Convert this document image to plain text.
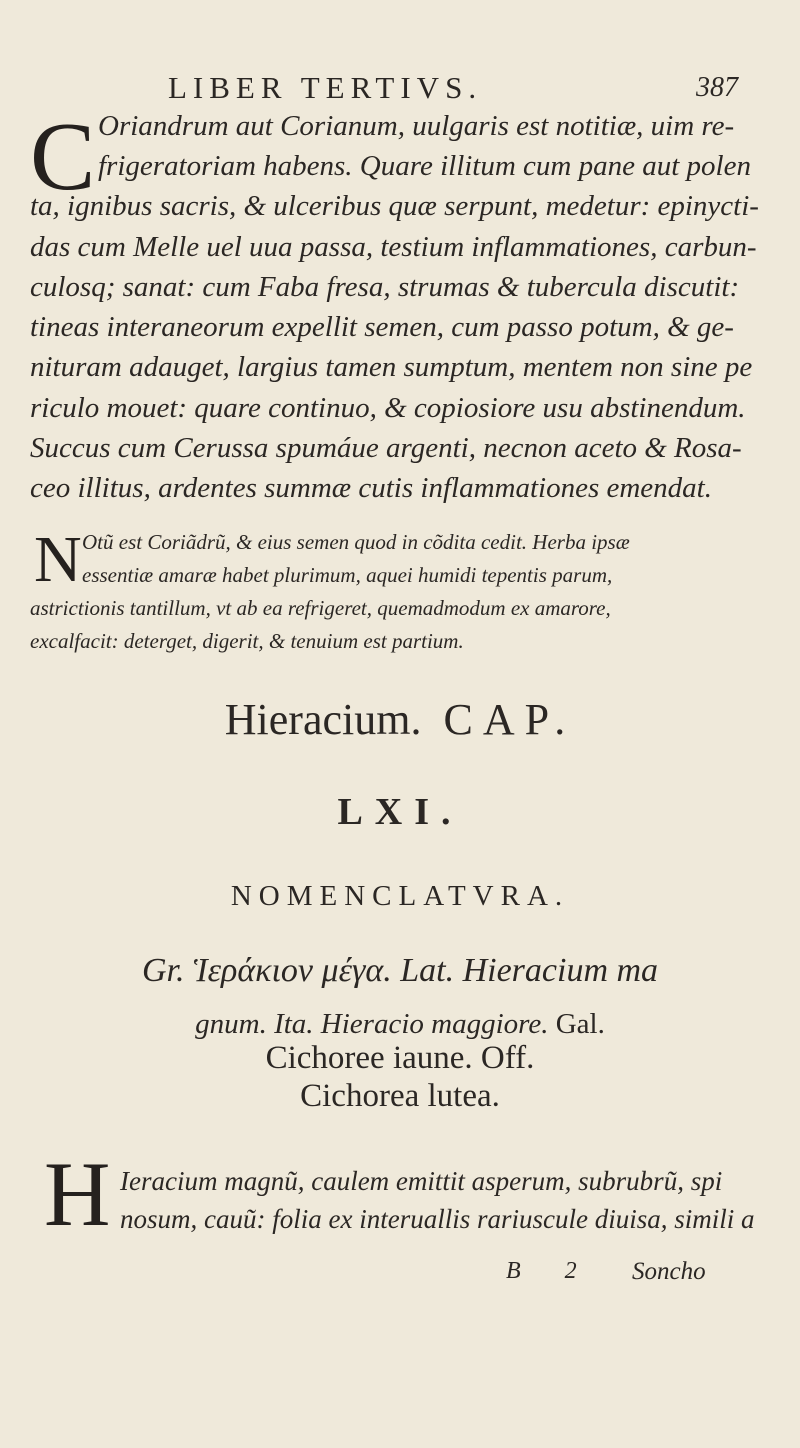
LIBER TERTIVS.	387
C Oriandrum aut Corianum, uulgaris est notitiæ, uim re-
frigeratoriam habens. Quare illitum cum pane aut polen
ta, ignibus sacris, & ulceribus quæ serpunt, medetur: epinycti-
das cum Melle uel uua passa, testium inflammationes, carbun-
culosq; sanat: cum Faba fresa, strumas & tubercula discutit:
tineas interaneorum expellit semen, cum passo potum, & ge-
nituram adauget, largius tamen sumptum, mentem non sine pe
riculo mouet: quare continuo, & copiosiore usu abstinendum.
Succus cum Cerussa spumáue argenti, necnon aceto & Rosa-
ceo illitus, ardentes summæ cutis inflammationes emendat.
N Otũ est Coriãdrũ, & eius semen quod in cõdita cedit. Herba ipsæ
essentiæ amaræ habet plurimum, aquei humidi tepentis parum,
astrictionis tantillum, vt ab ea refrigeret, quemadmodum ex amarore,
excalfacit: deterget, digerit, & tenuium est partium.
Hieracium. CAP.
LXI.
NOMENCLATVRA.
Gr. Ἱεράκιον μέγα. Lat. Hieracium ma
gnum. Ita. Hieracio maggiore. Gal.
Cichoree iaune. Off.
Cichorea lutea.
H Ieracium magnũ, caulem emittit asperum, subrubrũ, spi
nosum, cauũ: folia ex interuallis rariuscule diuisa, simili a
B 2 Soncho
